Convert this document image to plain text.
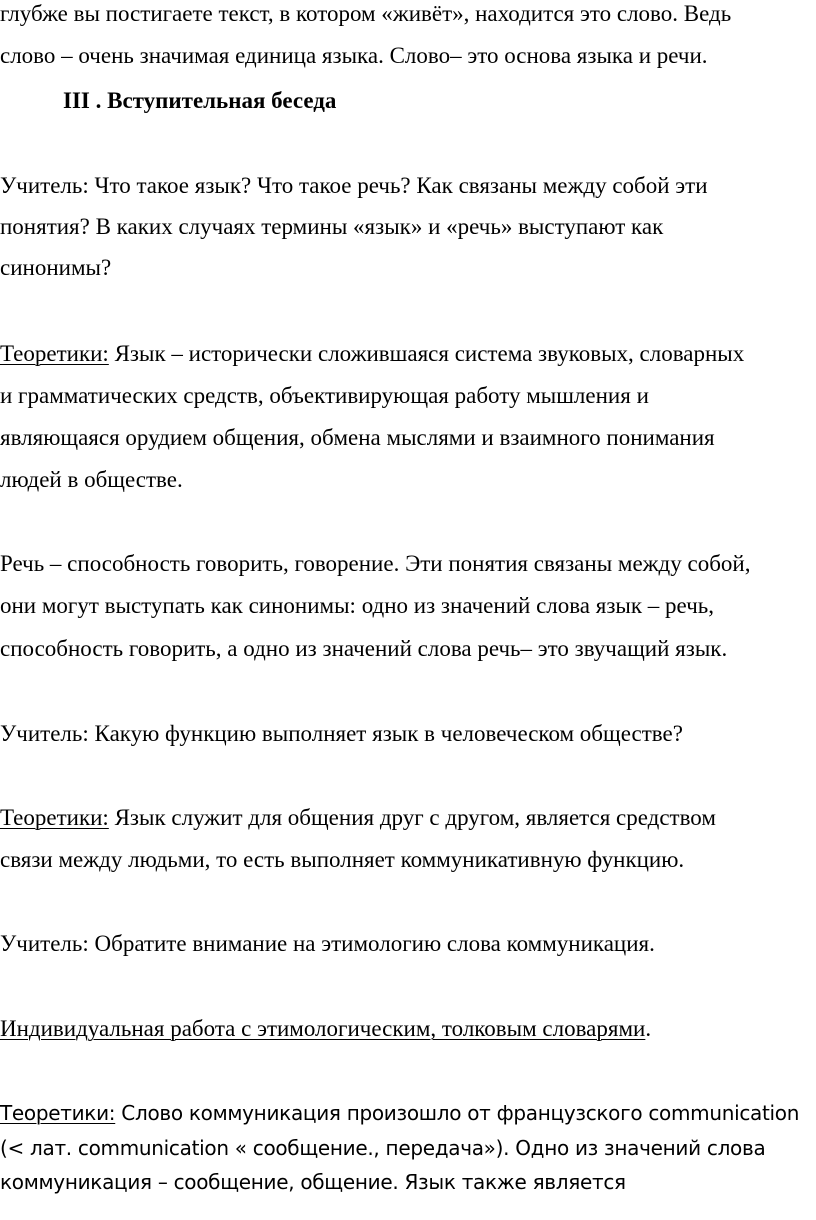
глубже вы постигаете текст, в котором «живёт», находится это слово. Ведь
слово – очень значимая единица языка. Слово– это основа языка и речи.
III . Вступительная беседа
Учитель: Что такое язык? Что такое речь? Как связаны между собой эти
понятия? В каких случаях термины «язык» и «речь» выступают как
синонимы?
Теоретики: Язык – исторически сложившаяся система звуковых, словарных
и грамматических средств, объективирующая работу мышления и
являющаяся орудием общения, обмена мыслями и взаимного понимания
людей в обществе.
Речь – способность говорить, говорение. Эти понятия связаны между собой,
они могут выступать как синонимы: одно из значений слова язык – речь,
способность говорить, а одно из значений слова речь– это звучащий язык.
Учитель: Какую функцию выполняет язык в человеческом обществе?
Теоретики: Язык служит для общения друг с другом, является средством
связи между людьми, то есть выполняет коммуникативную функцию.
Учитель: Обратите внимание на этимологию слова коммуникация.
Индивидуальная работа с этимологическим, толковым словарями.
Теоретики: Слово коммуникация произошло от французского communication
(< лат. communication « сообщение., передача»). Одно из значений слова
коммуникация – сообщение, общение. Язык также является
